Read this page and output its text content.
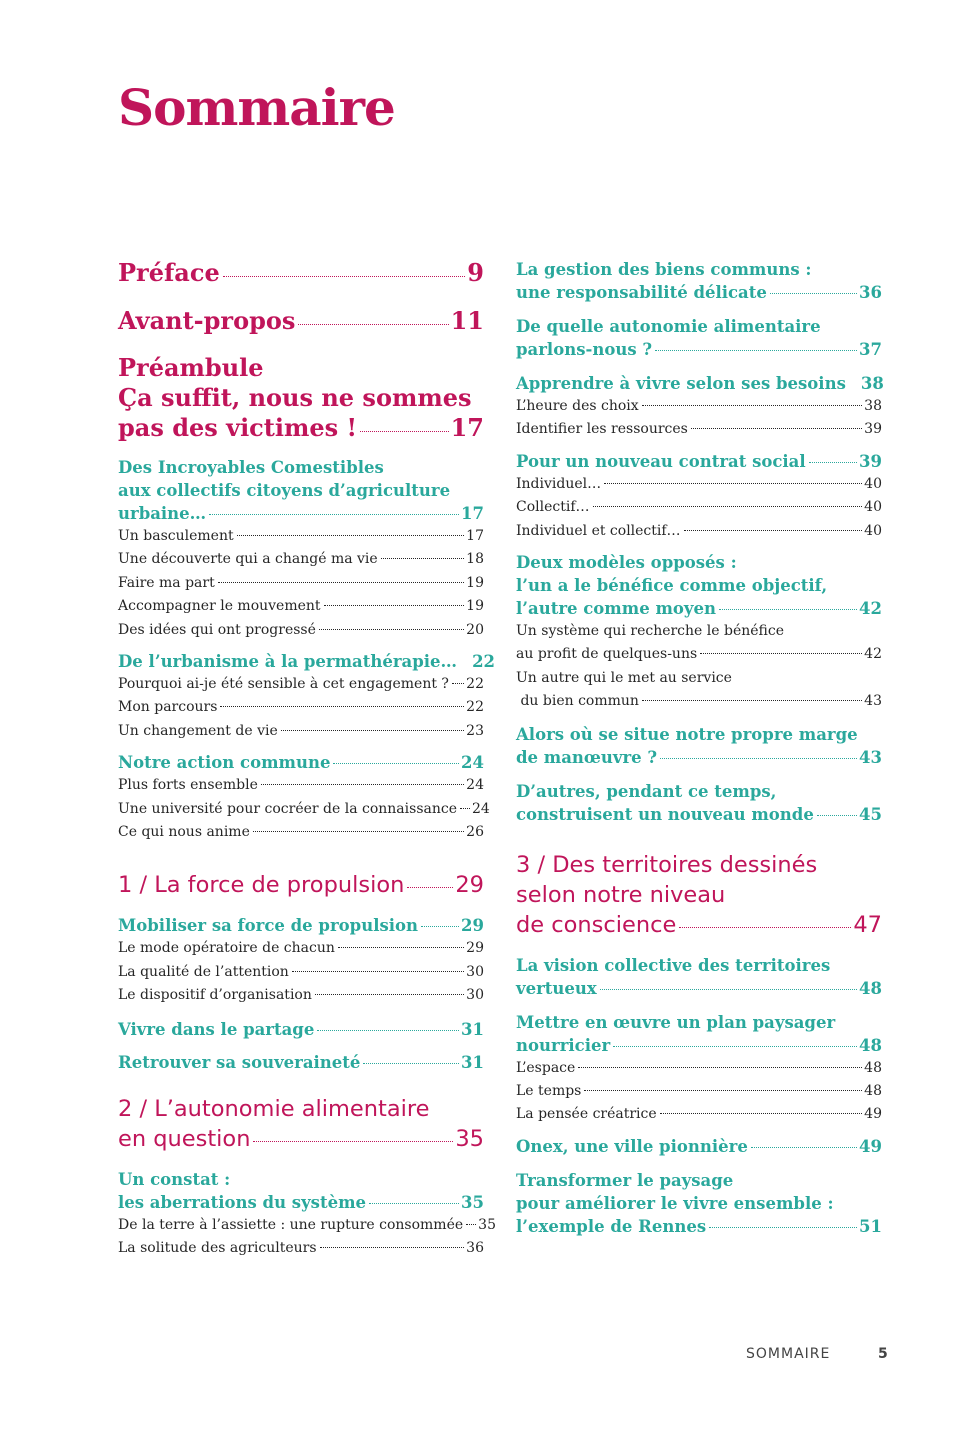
Sommaire
Préface	9
Avant-propos	11
Préambule
Ça suffit, nous ne sommes
pas des victimes !	17
Des Incroyables Comestibles
aux collectifs citoyens d’agriculture
urbaine…	17
Un basculement	17
Une découverte qui a changé ma vie	18
Faire ma part	19
Accompagner le mouvement	19
Des idées qui ont progressé	20
De l’urbanisme à la permathérapie… 22
Pourquoi ai-je été sensible à cet engagement ? 22
Mon parcours	22
Un changement de vie	23
Notre action commune	24
Plus forts ensemble	24
Une université pour cocréer de la connaissance 24
Ce qui nous anime	26
1 / La force de propulsion 29
Mobiliser sa force de propulsion	29
Le mode opératoire de chacun	29
La qualité de l’attention	30
Le dispositif d’organisation	30
Vivre dans le partage	31
Retrouver sa souveraineté	31
2 / L’autonomie alimentaire
en question	35
Un constat :
les aberrations du système	35
De la terre à l’assiette : une rupture consommée 35
La solitude des agriculteurs	36
La gestion des biens communs :
une responsabilité délicate	36
De quelle autonomie alimentaire
parlons-nous ?	37
Apprendre à vivre selon ses besoins 38
L’heure des choix	38
Identifier les ressources	39
Pour un nouveau contrat social	39
Individuel…	40
Collectif…	40
Individuel et collectif…	40
Deux modèles opposés :
l’un a le bénéfice comme objectif,
l’autre comme moyen	42
Un système qui recherche le bénéfice
au profit de quelques-uns	42
Un autre qui le met au service
du bien commun	43
Alors où se situe notre propre marge
de manœuvre ?	43
D’autres, pendant ce temps,
construisent un nouveau monde	45
3 / Des territoires dessinés
selon notre niveau
de conscience	47
La vision collective des territoires
vertueux	48
Mettre en œuvre un plan paysager
nourricier	48
L’espace	48
Le temps	48
La pensée créatrice	49
Onex, une ville pionnière	49
Transformer le paysage
pour améliorer le vivre ensemble :
l’exemple de Rennes	51
SOMMAIRE	5
